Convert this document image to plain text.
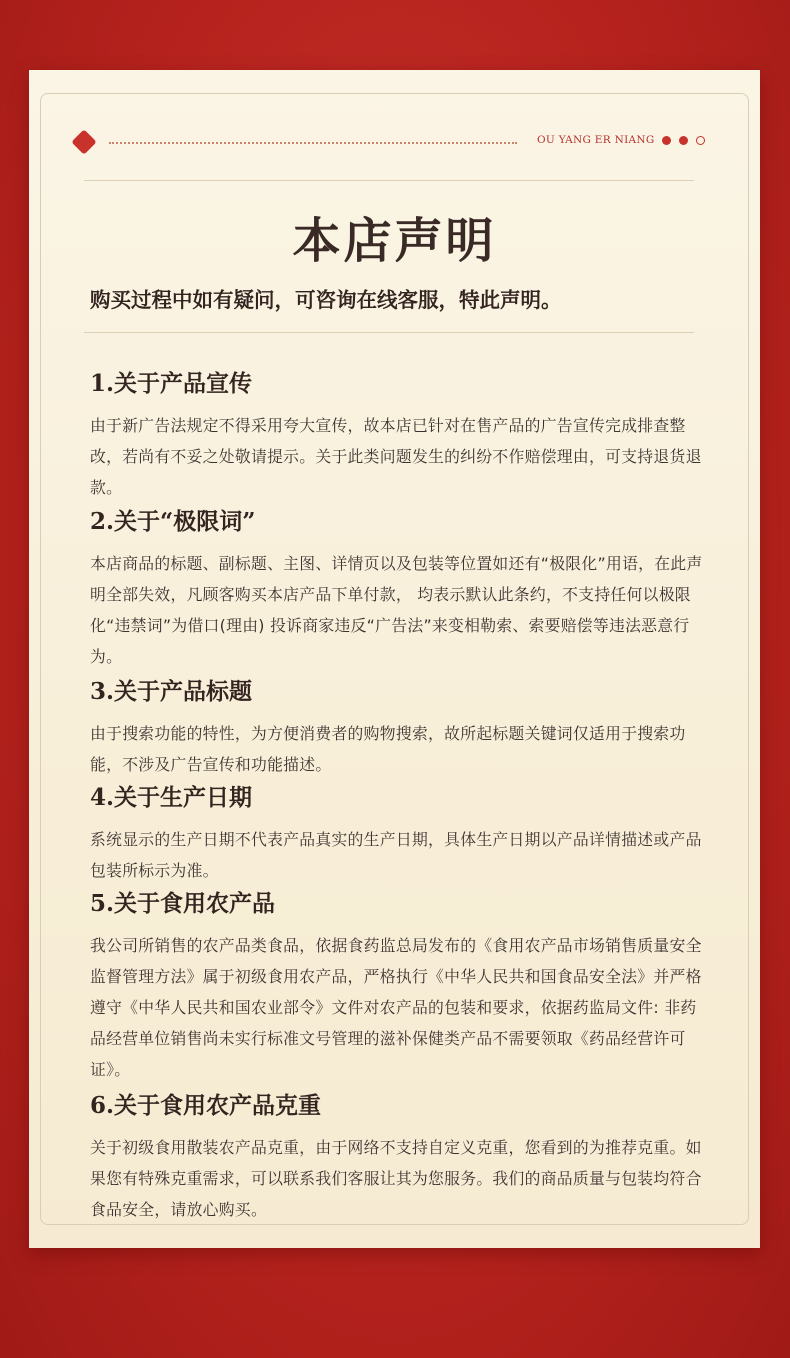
OU YANG ER NIANG
本店声明
购买过程中如有疑问，可咨询在线客服，特此声明。
1.关于产品宣传

由于新广告法规定不得采用夸大宣传，故本店已针对在售产品的广告宣传完成排查整改，若尚有不妥之处敬请提示。关于此类问题发生的纠纷不作赔偿理由，可支持退货退款。

2.关于“极限词”

本店商品的标题、副标题、主图、详情页以及包装等位置如还有“极限化”用语，在此声明全部失效，凡顾客购买本店产品下单付款， 均表示默认此条约，不支持任何以极限化“违禁词”为借口(理由) 投诉商家违反“广告法”来变相勒索、索要赔偿等违法恶意行为。

3.关于产品标题

由于搜索功能的特性，为方便消费者的购物搜索，故所起标题关键词仅适用于搜索功能，不涉及广告宣传和功能描述。

4.关于生产日期

系统显示的生产日期不代表产品真实的生产日期，具体生产日期以产品详情描述或产品包装所标示为准。

5.关于食用农产品

我公司所销售的农产品类食品，依据食药监总局发布的《食用农产品市场销售质量安全监督管理方法》属于初级食用农产品，严格执行《中华人民共和国食品安全法》并严格遵守《中华人民共和国农业部令》文件对农产品的包装和要求，依据药监局文件: 非药品经营单位销售尚未实行标准文号管理的滋补保健类产品不需要领取《药品经营许可证》。

6.关于食用农产品克重

关于初级食用散装农产品克重，由于网络不支持自定义克重，您看到的为推荐克重。如果您有特殊克重需求，可以联系我们客服让其为您服务。我们的商品质量与包装均符合食品安全，请放心购买。
